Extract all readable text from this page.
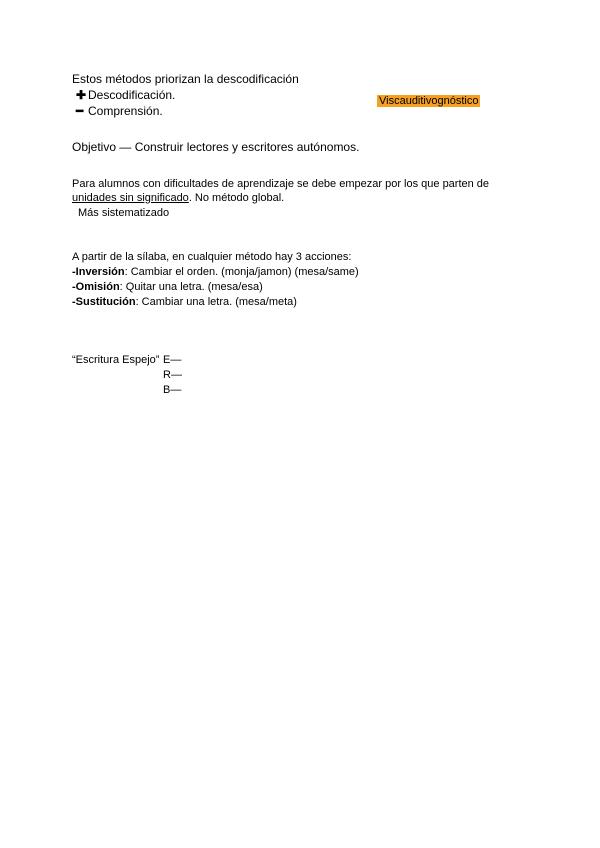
Estos métodos priorizan la descodificación
✚ Descodificación.
━ Comprensión.
Viscauditivognóstico
Objetivo — Construir lectores y escritores autónomos.
Para alumnos con dificultades de aprendizaje se debe empezar por los que parten de
unidades sin significado. No método global.
Más sistematizado
A partir de la sílaba, en cualquier método hay 3 acciones:
-Inversión: Cambiar el orden. (monja/jamon) (mesa/same)
-Omisión: Quitar una letra. (mesa/esa)
-Sustitución: Cambiar una letra. (mesa/meta)
“Escritura Espejo” E—
R—
B—
